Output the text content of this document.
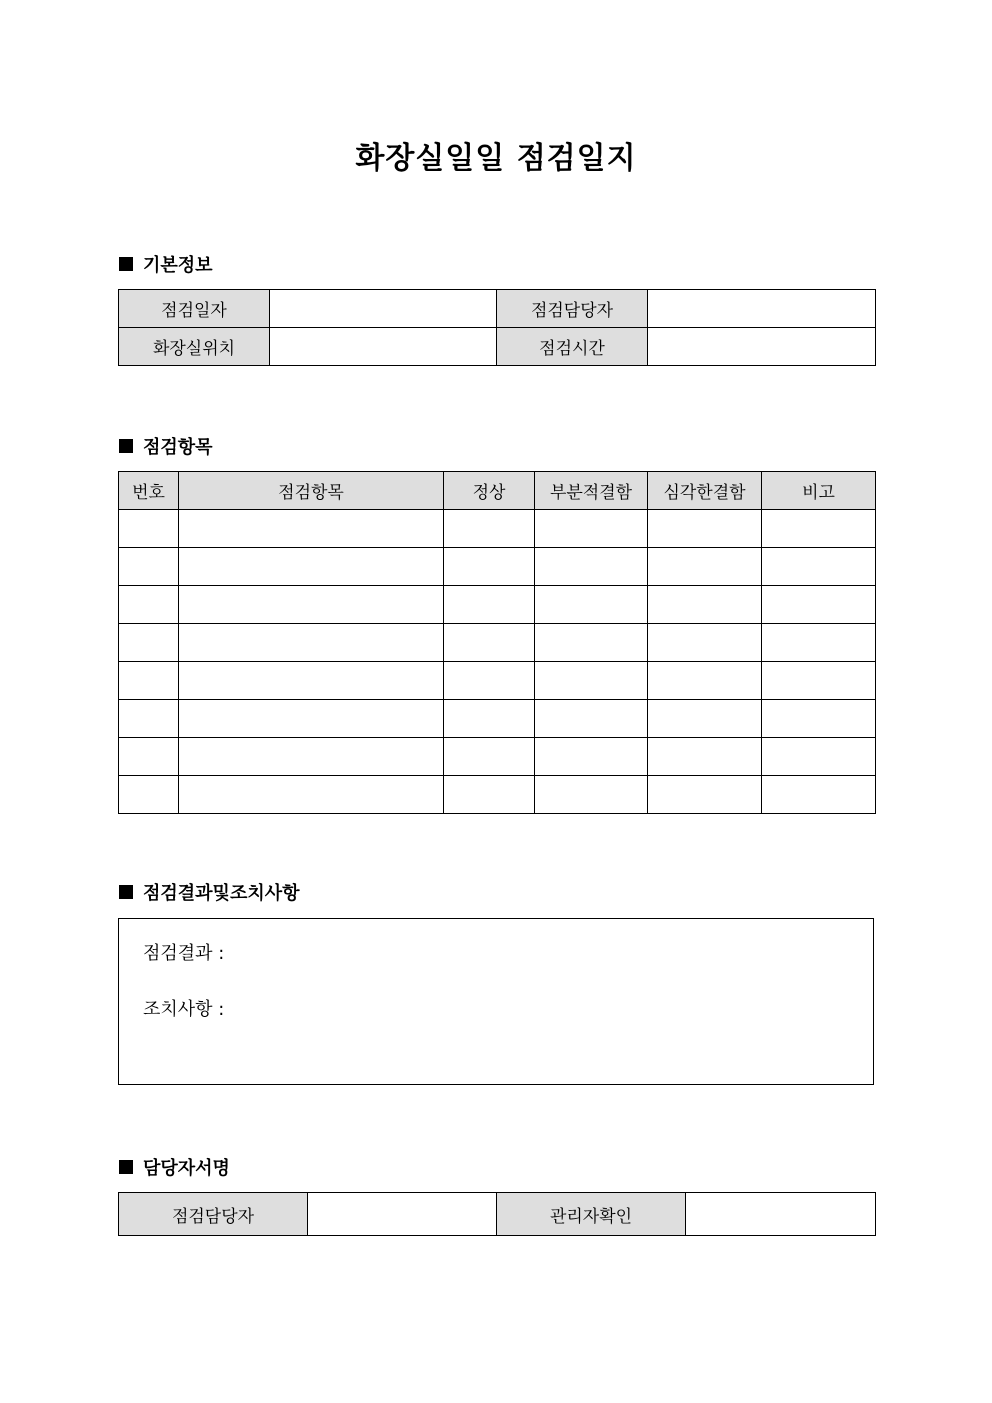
화장실일일 점검일지
기본정보
점검일자		점검담당자	
화장실위치		점검시간	
점검항목
번호	점검항목	정상	부분적결함	심각한결함	비고

점검결과및조치사항
점검결과 :
조치사항 :
담당자서명
점검담당자		관리자확인	
